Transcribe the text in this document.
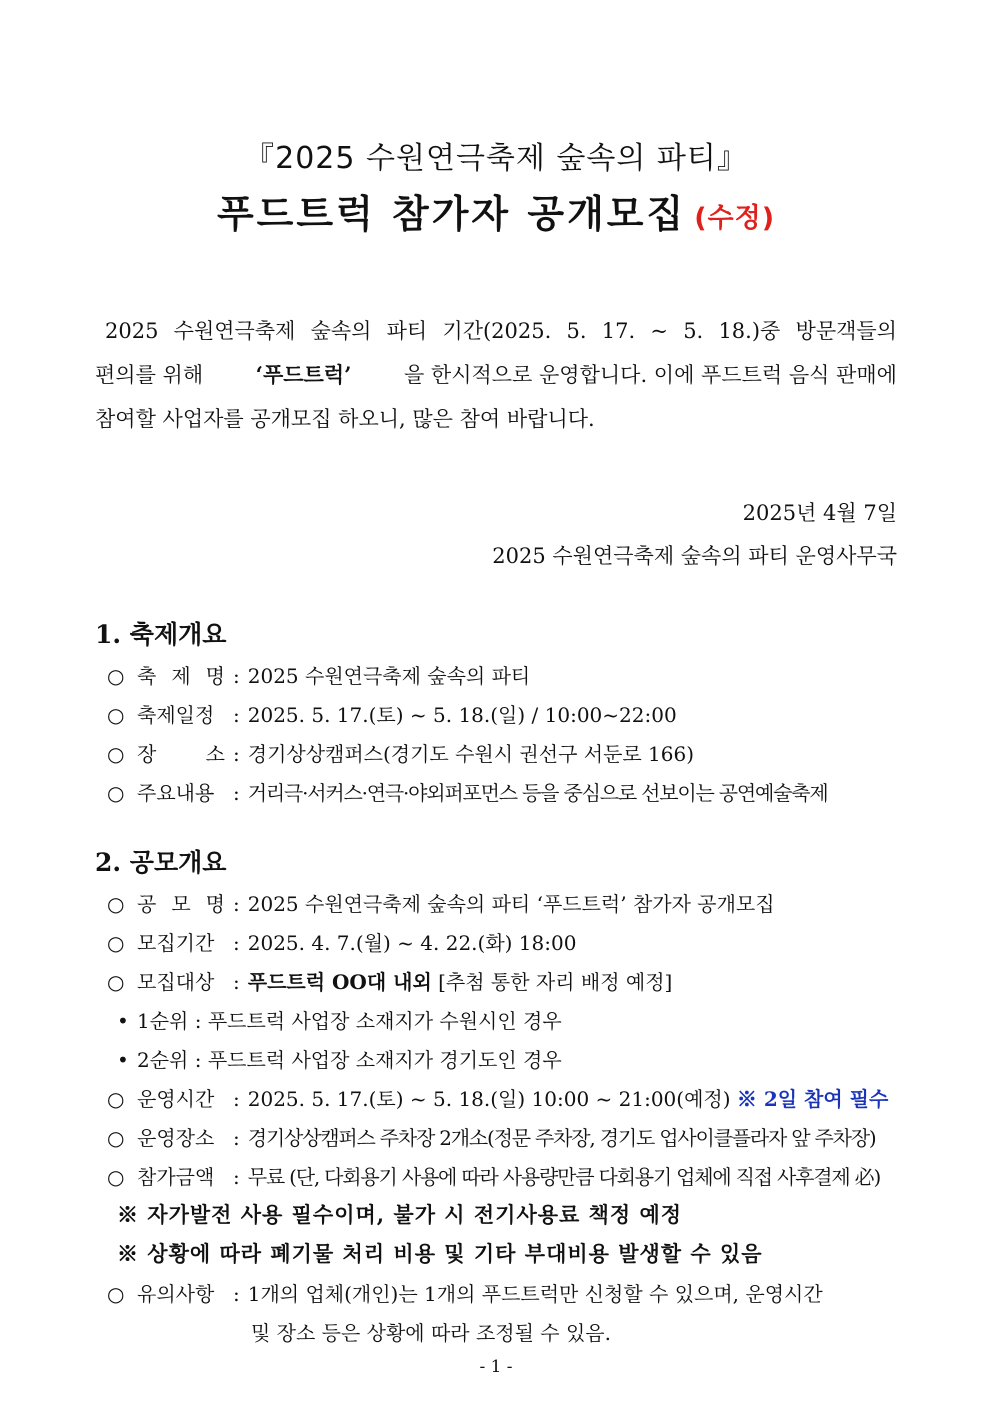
『2025 수원연극축제 숲속의 파티』
푸드트럭 참가자 공개모집 (수정)
2025 수원연극축제 숲속의 파티 기간(2025. 5. 17. ~ 5. 18.)중 방문객들의
편의를 위해	‘푸드트럭’	을 한시적으로 운영합니다. 이에 푸드트럭 음식 판매에
참여할 사업자를 공개모집 하오니, 많은 참여 바랍니다.
2025년 4월 7일
2025 수원연극축제 숲속의 파티 운영사무국
1. 축제개요
○ 축 제 명 : 2025 수원연극축제 숲속의 파티
○ 축제일정 : 2025. 5. 17.(토) ~ 5. 18.(일) / 10:00~22:00
○ 장 소 : 경기상상캠퍼스(경기도 수원시 권선구 서둔로 166)
○ 주요내용 : 거리극·서커스·연극·야외퍼포먼스 등을 중심으로 선보이는 공연예술축제
2. 공모개요
○ 공 모 명 : 2025 수원연극축제 숲속의 파티 ‘푸드트럭’ 참가자 공개모집
○ 모집기간 : 2025. 4. 7.(월) ~ 4. 22.(화) 18:00
○ 모집대상 : 푸드트럭 OO대 내외 [추첨 통한 자리 배정 예정]
• 1순위 : 푸드트럭 사업장 소재지가 수원시인 경우
• 2순위 : 푸드트럭 사업장 소재지가 경기도인 경우
○ 운영시간 : 2025. 5. 17.(토) ~ 5. 18.(일) 10:00 ~ 21:00(예정) ※ 2일 참여 필수
○ 운영장소 : 경기상상캠퍼스 주차장 2개소(정문 주차장, 경기도 업사이클플라자 앞 주차장)
○ 참가금액 : 무료 (단, 다회용기 사용에 따라 사용량만큼 다회용기 업체에 직접 사후결제 必)
※ 자가발전 사용 필수이며, 불가 시 전기사용료 책정 예정
※ 상황에 따라 폐기물 처리 비용 및 기타 부대비용 발생할 수 있음
○ 유의사항 : 1개의 업체(개인)는 1개의 푸드트럭만 신청할 수 있으며, 운영시간
및 장소 등은 상황에 따라 조정될 수 있음.
- 1 -
